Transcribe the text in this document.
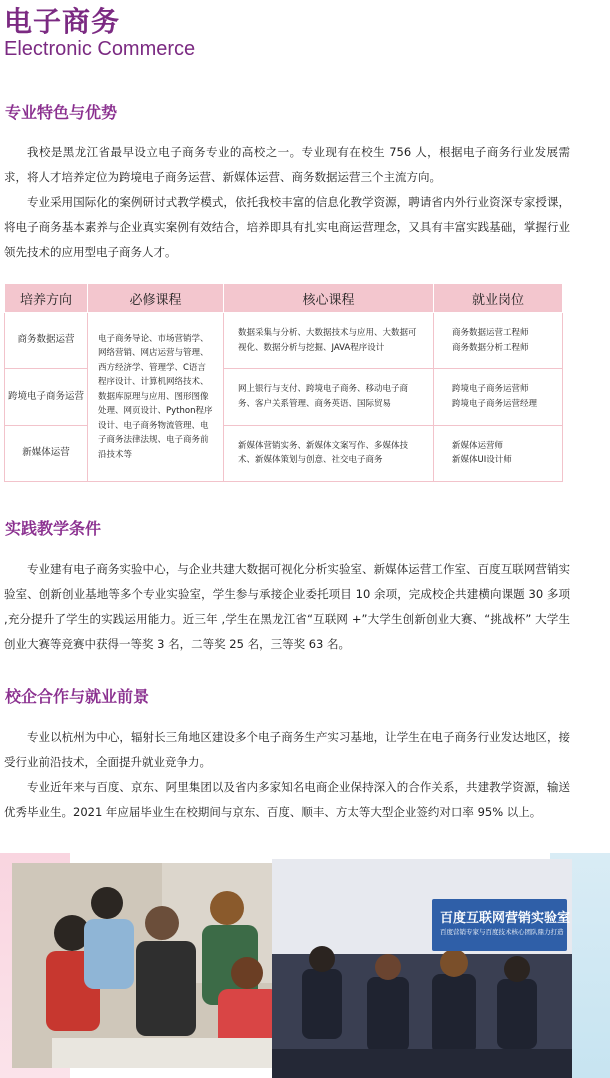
电子商务
Electronic Commerce
专业特色与优势

我校是黑龙江省最早设立电子商务专业的高校之一。专业现有在校生 756 人，根据电子商务行业发展需求，将人才培养定位为跨境电子商务运营、新媒体运营、商务数据运营三个主流方向。

专业采用国际化的案例研讨式教学模式，依托我校丰富的信息化教学资源，聘请省内外行业资深专家授课，将电子商务基本素养与企业真实案例有效结合，培养即具有扎实电商运营理念，又具有丰富实践基础，掌握行业领先技术的应用型电子商务人才。

培养方向	必修课程	核心课程	就业岗位
商务数据运营	电子商务导论、市场营销学、网络营销、网店运营与管理、西方经济学、管理学、C语言程序设计、计算机网络技术、数据库原理与应用、图形图像处理、网页设计、Python程序设计、电子商务物流管理、电子商务法律法规、电子商务前沿技术等	数据采集与分析、大数据技术与应用、大数据可视化、数据分析与挖掘、JAVA程序设计	商务数据运营工程师
商务数据分析工程师

跨境电子商务运营		网上银行与支付、跨境电子商务、移动电子商务、客户关系管理、商务英语、国际贸易	跨境电子商务运营师
跨境电子商务运营经理

新媒体运营		新媒体营销实务、新媒体文案写作、多媒体技术、新媒体策划与创意、社交电子商务	新媒体运营师
新媒体UI设计师
实践教学条件

专业建有电子商务实验中心，与企业共建大数据可视化分析实验室、新媒体运营工作室、百度互联网营销实验室、创新创业基地等多个专业实验室，学生参与承接企业委托项目 10 余项，完成校企共建横向课题 30 多项 ,充分提升了学生的实践运用能力。近三年 ,学生在黑龙江省“互联网 +”大学生创新创业大赛、“挑战杯” 大学生创业大赛等竞赛中获得一等奖 3 名，二等奖 25 名，三等奖 63 名。

校企合作与就业前景

专业以杭州为中心，辐射长三角地区建设多个电子商务生产实习基地，让学生在电子商务行业发达地区，接受行业前沿技术，全面提升就业竞争力。

专业近年来与百度、京东、阿里集团以及省内多家知名电商企业保持深入的合作关系，共建教学资源，输送优秀毕业生。2021 年应届毕业生在校期间与京东、百度、顺丰、方太等大型企业签约对口率 95% 以上。

百度互联网营销实验室
百度营销专家与百度技术核心团队鼎力打造
